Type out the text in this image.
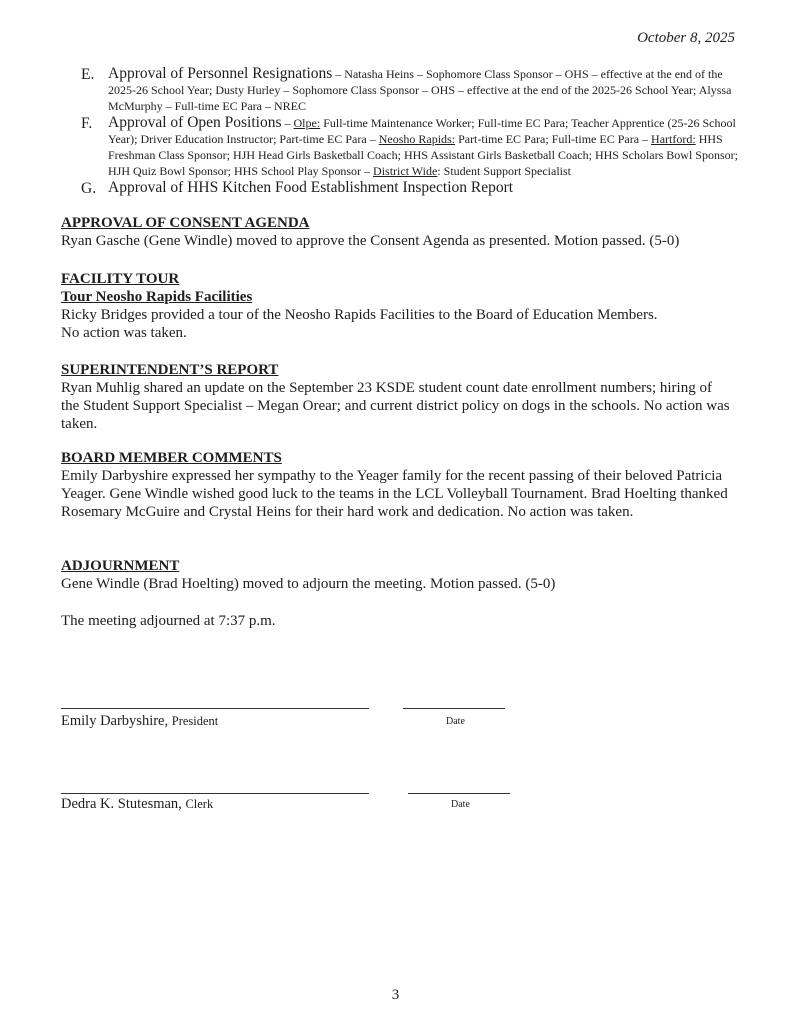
October 8, 2025
E. Approval of Personnel Resignations – Natasha Heins – Sophomore Class Sponsor – OHS – effective at the end of the 2025-26 School Year; Dusty Hurley – Sophomore Class Sponsor – OHS – effective at the end of the 2025-26 School Year; Alyssa McMurphy – Full-time EC Para – NREC
F.	Approval of Open Positions – Olpe: Full-time Maintenance Worker; Full-time EC Para; Teacher Apprentice (25-26 School Year); Driver Education Instructor; Part-time EC Para – Neosho Rapids: Part-time EC Para; Full-time EC Para – Hartford: HHS Freshman Class Sponsor; HJH Head Girls Basketball Coach; HHS Assistant Girls Basketball Coach; HHS Scholars Bowl Sponsor; HJH Quiz Bowl Sponsor; HHS School Play Sponsor – District Wide: Student Support Specialist
G. Approval of HHS Kitchen Food Establishment Inspection Report
APPROVAL OF CONSENT AGENDA
Ryan Gasche (Gene Windle) moved to approve the Consent Agenda as presented. Motion passed. (5-0)
FACILITY TOUR
Tour Neosho Rapids Facilities
Ricky Bridges provided a tour of the Neosho Rapids Facilities to the Board of Education Members.
No action was taken.
SUPERINTENDENT’S REPORT
Ryan Muhlig shared an update on the September 23 KSDE student count date enrollment numbers; hiring of the Student Support Specialist – Megan Orear; and current district policy on dogs in the schools. No action was taken.
BOARD MEMBER COMMENTS
Emily Darbyshire expressed her sympathy to the Yeager family for the recent passing of their beloved Patricia Yeager. Gene Windle wished good luck to the teams in the LCL Volleyball Tournament. Brad Hoelting thanked Rosemary McGuire and Crystal Heins for their hard work and dedication. No action was taken.
ADJOURNMENT
Gene Windle (Brad Hoelting) moved to adjourn the meeting. Motion passed. (5-0)
The meeting adjourned at 7:37 p.m.
Emily Darbyshire, President	Date
Dedra K. Stutesman, Clerk	Date
3
